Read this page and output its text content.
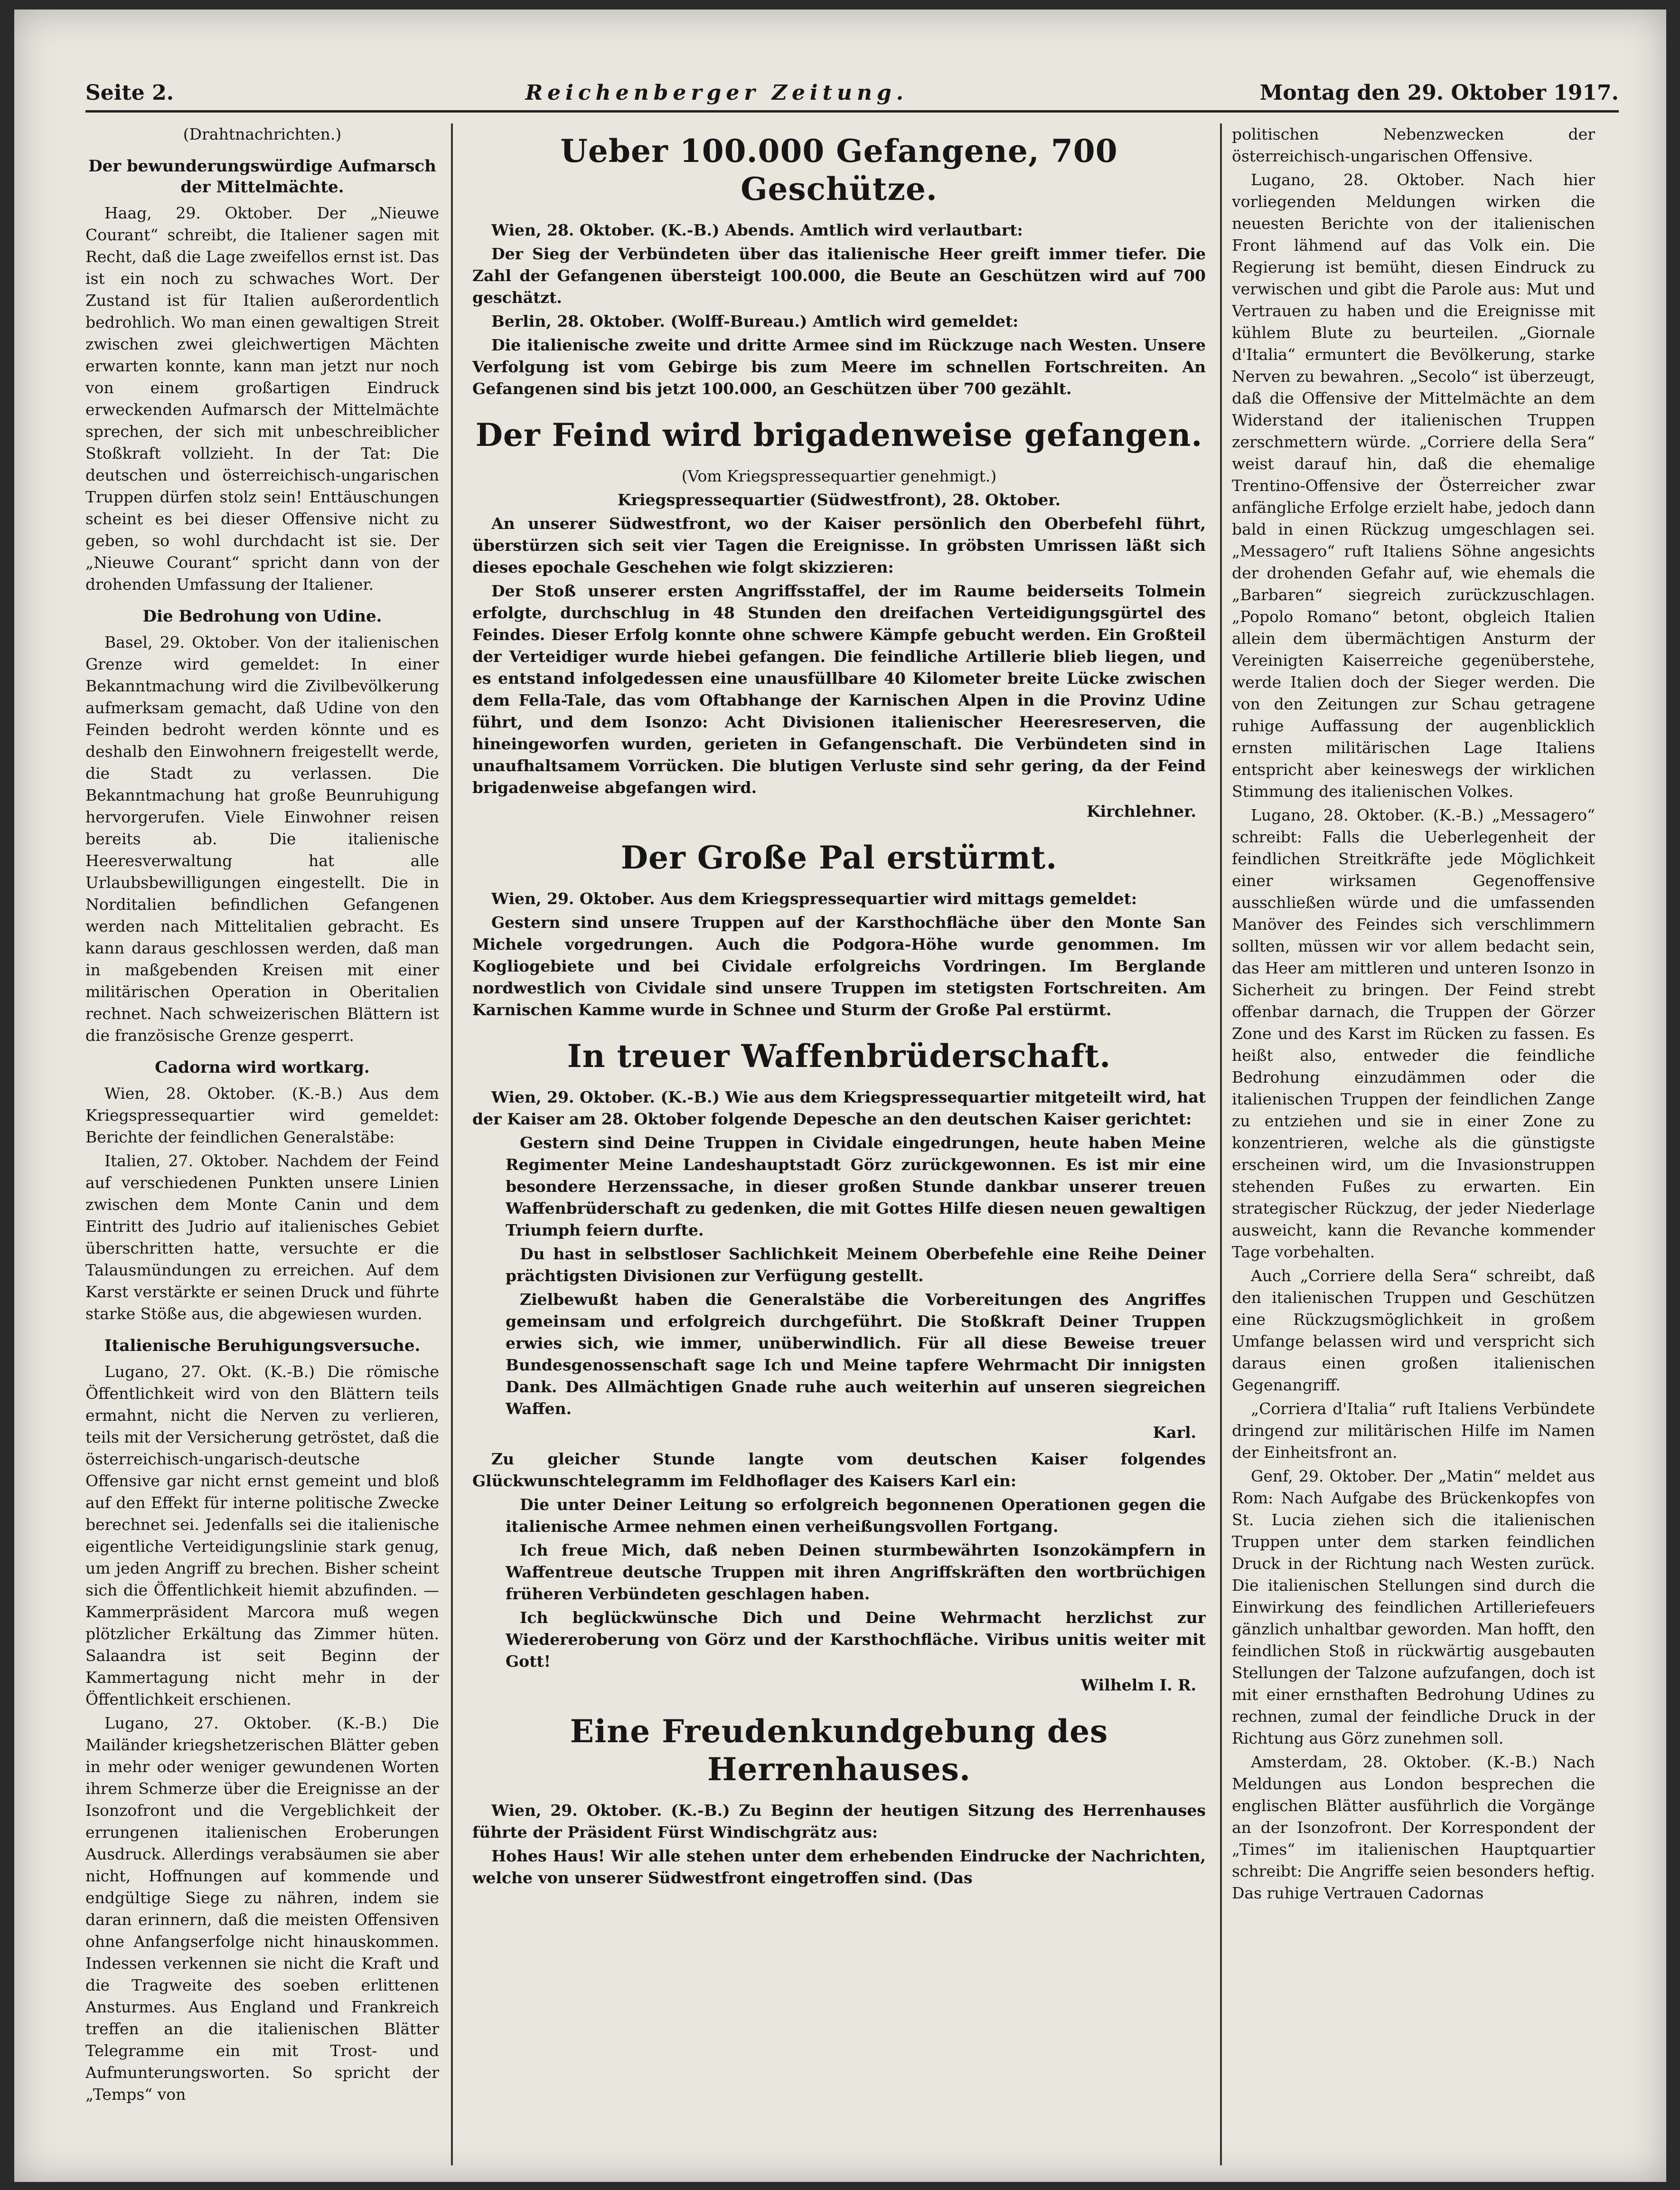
Seite 2.	Reichenberger Zeitung.	Montag den 29. Oktober 1917.

(Drahtnachrichten.)

Der bewunderungswürdige Aufmarsch der Mittelmächte.

Haag, 29. Oktober. Der „Nieuwe Courant“ schreibt, die Italiener sagen mit Recht, daß die Lage zweifellos ernst ist. Das ist ein noch zu schwaches Wort. Der Zustand ist für Italien außerordentlich bedrohlich. Wo man einen gewaltigen Streit zwischen zwei gleichwertigen Mächten erwarten konnte, kann man jetzt nur noch von einem großartigen Eindruck erweckenden Aufmarsch der Mittelmächte sprechen, der sich mit unbeschreiblicher Stoßkraft vollzieht. In der Tat: Die deutschen und österreichisch-ungarischen Truppen dürfen stolz sein! Enttäuschungen scheint es bei dieser Offensive nicht zu geben, so wohl durchdacht ist sie. Der „Nieuwe Courant“ spricht dann von der drohenden Umfassung der Italiener.

Die Bedrohung von Udine.

Basel, 29. Oktober. Von der italienischen Grenze wird gemeldet: In einer Bekanntmachung wird die Zivilbevölkerung aufmerksam gemacht, daß Udine von den Feinden bedroht werden könnte und es deshalb den Einwohnern freigestellt werde, die Stadt zu verlassen. Die Bekanntmachung hat große Beunruhigung hervorgerufen. Viele Einwohner reisen bereits ab. Die italienische Heeresverwaltung hat alle Urlaubsbewilligungen eingestellt. Die in Norditalien befindlichen Gefangenen werden nach Mittelitalien gebracht. Es kann daraus geschlossen werden, daß man in maßgebenden Kreisen mit einer militärischen Operation in Oberitalien rechnet. Nach schweizerischen Blättern ist die französische Grenze gesperrt.

Cadorna wird wortkarg.

Wien, 28. Oktober. (K.-B.) Aus dem Kriegspressequartier wird gemeldet: Berichte der feindlichen Generalstäbe:

Italien, 27. Oktober. Nachdem der Feind auf verschiedenen Punkten unsere Linien zwischen dem Monte Canin und dem Eintritt des Judrio auf italienisches Gebiet überschritten hatte, versuchte er die Talausmündungen zu erreichen. Auf dem Karst verstärkte er seinen Druck und führte starke Stöße aus, die abgewiesen wurden.

Italienische Beruhigungsversuche.

Lugano, 27. Okt. (K.-B.) Die römische Öffentlichkeit wird von den Blättern teils ermahnt, nicht die Nerven zu verlieren, teils mit der Versicherung getröstet, daß die österreichisch-ungarisch-deutsche Offensive gar nicht ernst gemeint und bloß auf den Effekt für interne politische Zwecke berechnet sei. Jedenfalls sei die italienische eigentliche Verteidigungslinie stark genug, um jeden Angriff zu brechen. Bisher scheint sich die Öffentlichkeit hiemit abzufinden. — Kammerpräsident Marcora muß wegen plötzlicher Erkältung das Zimmer hüten. Salaandra ist seit Beginn der Kammertagung nicht mehr in der Öffentlichkeit erschienen.

Lugano, 27. Oktober. (K.-B.) Die Mailänder kriegshetzerischen Blätter geben in mehr oder weniger gewundenen Worten ihrem Schmerze über die Ereignisse an der Isonzofront und die Vergeblichkeit der errungenen italienischen Eroberungen Ausdruck. Allerdings verabsäumen sie aber nicht, Hoffnungen auf kommende und endgültige Siege zu nähren, indem sie daran erinnern, daß die meisten Offensiven ohne Anfangserfolge nicht hinauskommen. Indessen verkennen sie nicht die Kraft und die Tragweite des soeben erlittenen Ansturmes. Aus England und Frankreich treffen an die italienischen Blätter Telegramme ein mit Trost- und Aufmunterungsworten. So spricht der „Temps“ von

Ueber 100.000 Gefangene, 700 Geschütze.

Wien, 28. Oktober. (K.-B.) Abends. Amtlich wird verlautbart:

Der Sieg der Verbündeten über das italienische Heer greift immer tiefer. Die Zahl der Gefangenen übersteigt 100.000, die Beute an Geschützen wird auf 700 geschätzt.

Berlin, 28. Oktober. (Wolff-Bureau.) Amtlich wird gemeldet:

Die italienische zweite und dritte Armee sind im Rückzuge nach Westen. Unsere Verfolgung ist vom Gebirge bis zum Meere im schnellen Fortschreiten. An Gefangenen sind bis jetzt 100.000, an Geschützen über 700 gezählt.

Der Feind wird brigadenweise gefangen.

(Vom Kriegspressequartier genehmigt.)

Kriegspressequartier (Südwestfront), 28. Oktober.

An unserer Südwestfront, wo der Kaiser persönlich den Oberbefehl führt, überstürzen sich seit vier Tagen die Ereignisse. In gröbsten Umrissen läßt sich dieses epochale Geschehen wie folgt skizzieren:

Der Stoß unserer ersten Angriffsstaffel, der im Raume beiderseits Tolmein erfolgte, durchschlug in 48 Stunden den dreifachen Verteidigungsgürtel des Feindes. Dieser Erfolg konnte ohne schwere Kämpfe gebucht werden. Ein Großteil der Verteidiger wurde hiebei gefangen. Die feindliche Artillerie blieb liegen, und es entstand infolgedessen eine unausfüllbare 40 Kilometer breite Lücke zwischen dem Fella-Tale, das vom Oftabhange der Karnischen Alpen in die Provinz Udine führt, und dem Isonzo: Acht Divisionen italienischer Heeresreserven, die hineingeworfen wurden, gerieten in Gefangenschaft. Die Verbündeten sind in unaufhaltsamem Vorrücken. Die blutigen Verluste sind sehr gering, da der Feind brigadenweise abgefangen wird.

Kirchlehner.

Der Große Pal erstürmt.

Wien, 29. Oktober. Aus dem Kriegspressequartier wird mittags gemeldet:

Gestern sind unsere Truppen auf der Karsthochfläche über den Monte San Michele vorgedrungen. Auch die Podgora-Höhe wurde genommen. Im Kogliogebiete und bei Cividale erfolgreichs Vordringen. Im Berglande nordwestlich von Cividale sind unsere Truppen im stetigsten Fortschreiten. Am Karnischen Kamme wurde in Schnee und Sturm der Große Pal erstürmt.

In treuer Waffenbrüderschaft.

Wien, 29. Oktober. (K.-B.) Wie aus dem Kriegspressequartier mitgeteilt wird, hat der Kaiser am 28. Oktober folgende Depesche an den deutschen Kaiser gerichtet:

Gestern sind Deine Truppen in Cividale eingedrungen, heute haben Meine Regimenter Meine Landeshauptstadt Görz zurückgewonnen. Es ist mir eine besondere Herzenssache, in dieser großen Stunde dankbar unserer treuen Waffenbrüderschaft zu gedenken, die mit Gottes Hilfe diesen neuen gewaltigen Triumph feiern durfte.

Du hast in selbstloser Sachlichkeit Meinem Oberbefehle eine Reihe Deiner prächtigsten Divisionen zur Verfügung gestellt.

Zielbewußt haben die Generalstäbe die Vorbereitungen des Angriffes gemeinsam und erfolgreich durchgeführt. Die Stoßkraft Deiner Truppen erwies sich, wie immer, unüberwindlich. Für all diese Beweise treuer Bundesgenossenschaft sage Ich und Meine tapfere Wehrmacht Dir innigsten Dank. Des Allmächtigen Gnade ruhe auch weiterhin auf unseren siegreichen Waffen.

Karl.

Zu gleicher Stunde langte vom deutschen Kaiser folgendes Glückwunschtelegramm im Feldhoflager des Kaisers Karl ein:

Die unter Deiner Leitung so erfolgreich begonnenen Operationen gegen die italienische Armee nehmen einen verheißungsvollen Fortgang.

Ich freue Mich, daß neben Deinen sturmbewährten Isonzokämpfern in Waffentreue deutsche Truppen mit ihren Angriffskräften den wortbrüchigen früheren Verbündeten geschlagen haben.

Ich beglückwünsche Dich und Deine Wehrmacht herzlichst zur Wiedereroberung von Görz und der Karsthochfläche. Viribus unitis weiter mit Gott!

Wilhelm I. R.

Eine Freudenkundgebung des Herrenhauses.

Wien, 29. Oktober. (K.-B.) Zu Beginn der heutigen Sitzung des Herrenhauses führte der Präsident Fürst Windischgrätz aus:

Hohes Haus! Wir alle stehen unter dem erhebenden Eindrucke der Nachrichten, welche von unserer Südwestfront eingetroffen sind. (Das

politischen Nebenzwecken der österreichisch-ungarischen Offensive.

Lugano, 28. Oktober. Nach hier vorliegenden Meldungen wirken die neuesten Berichte von der italienischen Front lähmend auf das Volk ein. Die Regierung ist bemüht, diesen Eindruck zu verwischen und gibt die Parole aus: Mut und Vertrauen zu haben und die Ereignisse mit kühlem Blute zu beurteilen. „Giornale d'Italia“ ermuntert die Bevölkerung, starke Nerven zu bewahren. „Secolo“ ist überzeugt, daß die Offensive der Mittelmächte an dem Widerstand der italienischen Truppen zerschmettern würde. „Corriere della Sera“ weist darauf hin, daß die ehemalige Trentino-Offensive der Österreicher zwar anfängliche Erfolge erzielt habe, jedoch dann bald in einen Rückzug umgeschlagen sei. „Messagero“ ruft Italiens Söhne angesichts der drohenden Gefahr auf, wie ehemals die „Barbaren“ siegreich zurückzuschlagen. „Popolo Romano“ betont, obgleich Italien allein dem übermächtigen Ansturm der Vereinigten Kaiserreiche gegenüberstehe, werde Italien doch der Sieger werden. Die von den Zeitungen zur Schau getragene ruhige Auffassung der augenblicklich ernsten militärischen Lage Italiens entspricht aber keineswegs der wirklichen Stimmung des italienischen Volkes.

Lugano, 28. Oktober. (K.-B.) „Messagero“ schreibt: Falls die Ueberlegenheit der feindlichen Streitkräfte jede Möglichkeit einer wirksamen Gegenoffensive ausschließen würde und die umfassenden Manöver des Feindes sich verschlimmern sollten, müssen wir vor allem bedacht sein, das Heer am mittleren und unteren Isonzo in Sicherheit zu bringen. Der Feind strebt offenbar darnach, die Truppen der Görzer Zone und des Karst im Rücken zu fassen. Es heißt also, entweder die feindliche Bedrohung einzudämmen oder die italienischen Truppen der feindlichen Zange zu entziehen und sie in einer Zone zu konzentrieren, welche als die günstigste erscheinen wird, um die Invasionstruppen stehenden Fußes zu erwarten. Ein strategischer Rückzug, der jeder Niederlage ausweicht, kann die Revanche kommender Tage vorbehalten.

Auch „Corriere della Sera“ schreibt, daß den italienischen Truppen und Geschützen eine Rückzugsmöglichkeit in großem Umfange belassen wird und verspricht sich daraus einen großen italienischen Gegenangriff.

„Corriera d'Italia“ ruft Italiens Verbündete dringend zur militärischen Hilfe im Namen der Einheitsfront an.

Genf, 29. Oktober. Der „Matin“ meldet aus Rom: Nach Aufgabe des Brückenkopfes von St. Lucia ziehen sich die italienischen Truppen unter dem starken feindlichen Druck in der Richtung nach Westen zurück. Die italienischen Stellungen sind durch die Einwirkung des feindlichen Artilleriefeuers gänzlich unhaltbar geworden. Man hofft, den feindlichen Stoß in rückwärtig ausgebauten Stellungen der Talzone aufzufangen, doch ist mit einer ernsthaften Bedrohung Udines zu rechnen, zumal der feindliche Druck in der Richtung aus Görz zunehmen soll.

Amsterdam, 28. Oktober. (K.-B.) Nach Meldungen aus London besprechen die englischen Blätter ausführlich die Vorgänge an der Isonzofront. Der Korrespondent der „Times“ im italienischen Hauptquartier schreibt: Die Angriffe seien besonders heftig. Das ruhige Vertrauen Cadornas
